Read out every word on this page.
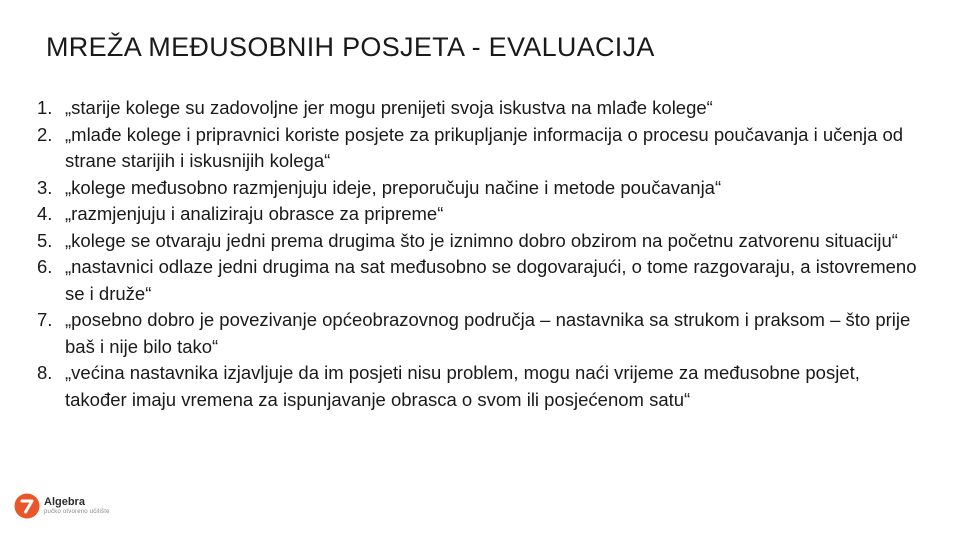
MREŽA MEĐUSOBNIH POSJETA - EVALUACIJA
1. „starije kolege su zadovoljne jer mogu prenijeti svoja iskustva na mlađe kolege“
2. „mlađe kolege i pripravnici koriste posjete za prikupljanje informacija o procesu poučavanja i učenja od strane starijih i iskusnijih kolega“
3. „kolege međusobno razmjenjuju ideje, preporučuju načine i metode poučavanja“
4. „razmjenjuju i analiziraju obrasce za pripreme“
5. „kolege se otvaraju jedni prema drugima što je iznimno dobro obzirom na početnu zatvorenu situaciju“
6. „nastavnici odlaze jedni drugima na sat međusobno se dogovarajući, o tome razgovaraju, a istovremeno se i druže“
7. „posebno dobro je povezivanje općeobrazovnog područja – nastavnika sa strukom i praksom – što prije baš i nije bilo tako“
8. „većina nastavnika izjavljuje da im posjeti nisu problem, mogu naći vrijeme za međusobne posjet, također imaju vremena za ispunjavanje obrasca o svom ili posjećenom satu“
Algebra
pučko otvoreno učilište
